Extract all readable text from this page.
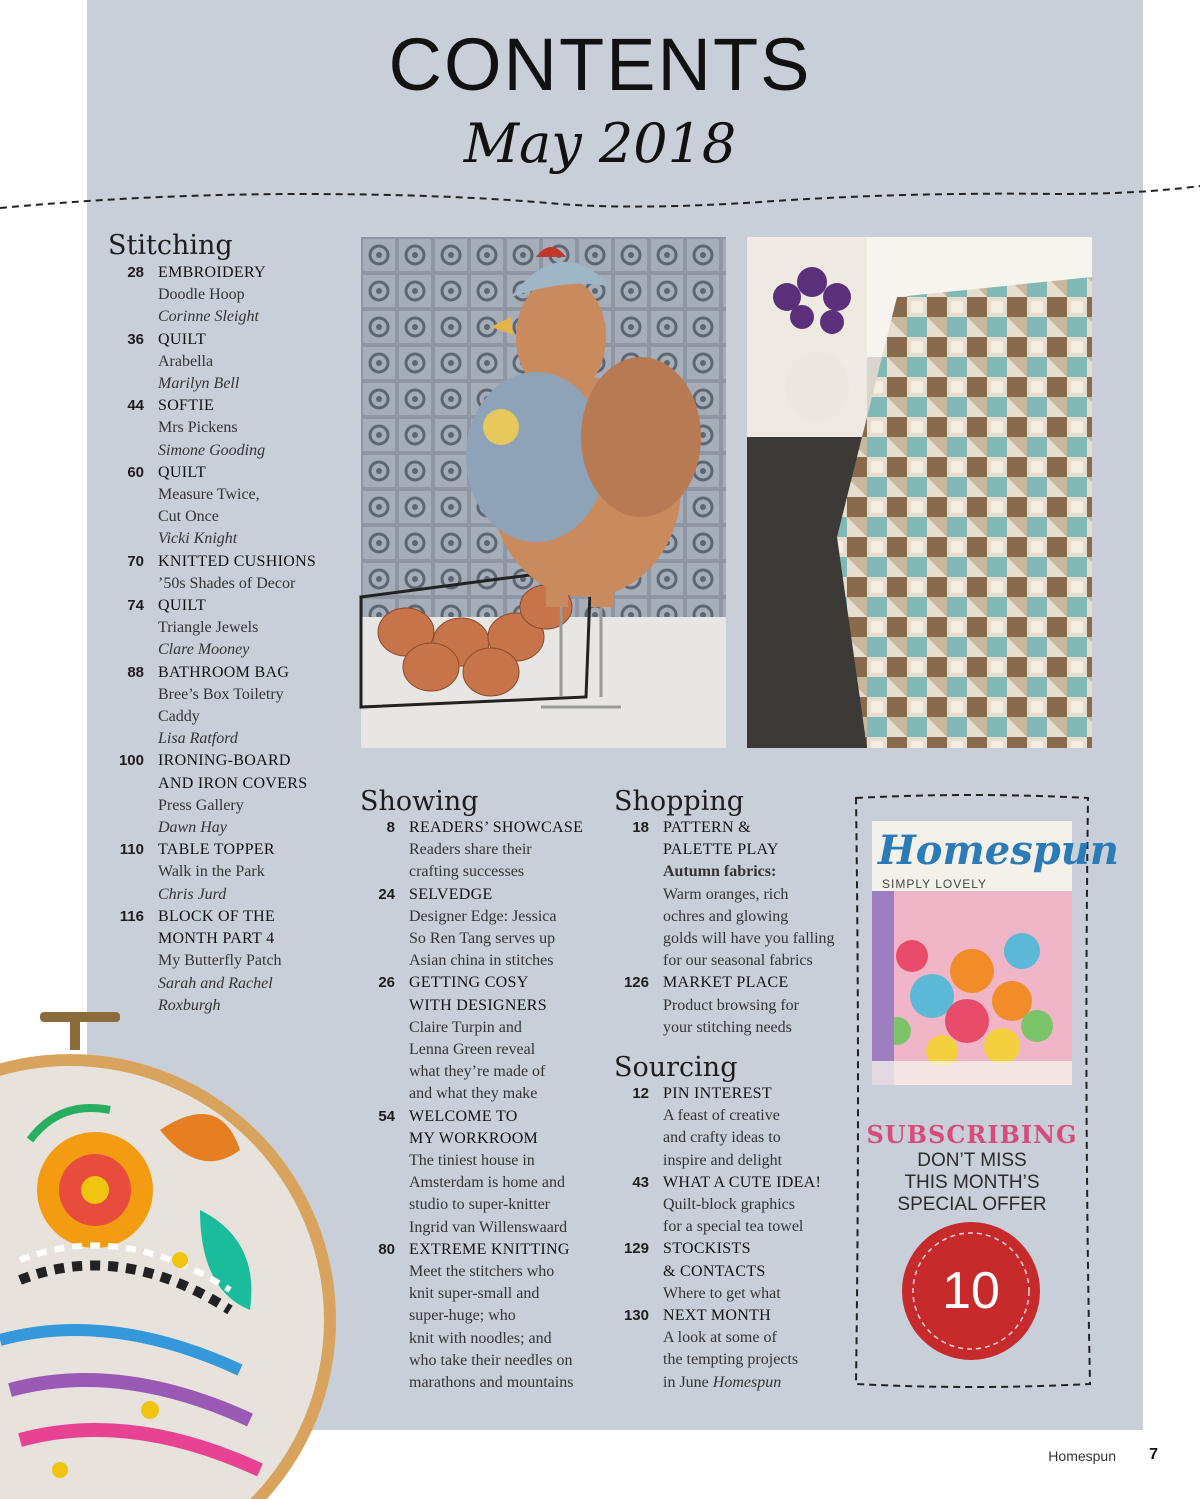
CONTENTS
May 2018
Stitching
28 EMBROIDERY
Doodle Hoop
Corinne Sleight
36 QUILT
Arabella
Marilyn Bell
44 SOFTIE
Mrs Pickens
Simone Gooding
60 QUILT
Measure Twice,
Cut Once
Vicki Knight
70 KNITTED CUSHIONS
’50s Shades of Decor
74 QUILT
Triangle Jewels
Clare Mooney
88 BATHROOM BAG
Bree’s Box Toiletry
Caddy
Lisa Ratford
100 IRONING-BOARD
AND IRON COVERS
Press Gallery
Dawn Hay
110 TABLE TOPPER
Walk in the Park
Chris Jurd
116 BLOCK OF THE
MONTH PART 4
My Butterfly Patch
Sarah and Rachel
Roxburgh
Showing
8 READERS’ SHOWCASE
Readers share their
crafting successes
24 SELVEDGE
Designer Edge: Jessica
So Ren Tang serves up
Asian china in stitches
26 GETTING COSY
WITH DESIGNERS
Claire Turpin and
Lenna Green reveal
what they’re made of
and what they make
54 WELCOME TO
MY WORKROOM
The tiniest house in
Amsterdam is home and
studio to super-knitter
Ingrid van Willenswaard
80 EXTREME KNITTING
Meet the stitchers who
knit super-small and
super-huge; who
knit with noodles; and
who take their needles on
marathons and mountains
Shopping
18 PATTERN &
PALETTE PLAY
Autumn fabrics:
Warm oranges, rich
ochres and glowing
golds will have you falling
for our seasonal fabrics
126 MARKET PLACE
Product browsing for
your stitching needs
Sourcing
12 PIN INTEREST
A feast of creative
and crafty ideas to
inspire and delight
43 WHAT A CUTE IDEA!
Quilt-block graphics
for a special tea towel
129 STOCKISTS
& CONTACTS
Where to get what
130 NEXT MONTH
A look at some of
the tempting projects
in June Homespun
Homespun
SIMPLY LOVELY
SUBSCRIBING
DON’T MISS
THIS MONTH’S
SPECIAL OFFER
10
Homespun 7
